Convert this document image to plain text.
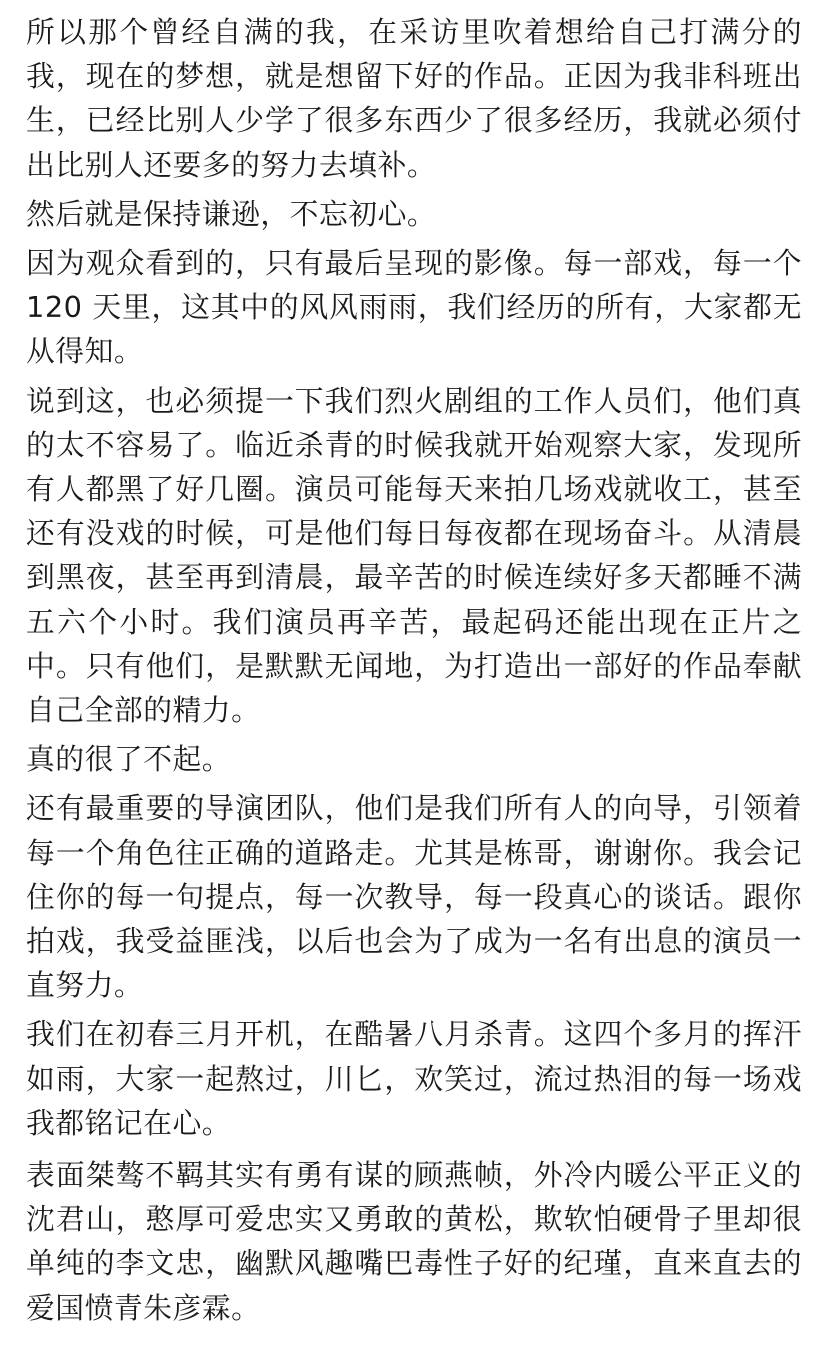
所以那个曾经自满的我，在采访里吹着想给自己打满分的我，现在的梦想，就是想留下好的作品。正因为我非科班出生，已经比别人少学了很多东西少了很多经历，我就必须付出比别人还要多的努力去填补。

然后就是保持谦逊，不忘初心。

因为观众看到的，只有最后呈现的影像。每一部戏，每一个 120 天里，这其中的风风雨雨，我们经历的所有，大家都无从得知。

说到这，也必须提一下我们烈火剧组的工作人员们，他们真的太不容易了。临近杀青的时候我就开始观察大家，发现所有人都黑了好几圈。演员可能每天来拍几场戏就收工，甚至还有没戏的时候，可是他们每日每夜都在现场奋斗。从清晨到黑夜，甚至再到清晨，最辛苦的时候连续好多天都睡不满五六个小时。我们演员再辛苦，最起码还能出现在正片之中。只有他们，是默默无闻地，为打造出一部好的作品奉献自己全部的精力。

真的很了不起。

还有最重要的导演团队，他们是我们所有人的向导，引领着每一个角色往正确的道路走。尤其是栋哥，谢谢你。我会记住你的每一句提点，每一次教导，每一段真心的谈话。跟你拍戏，我受益匪浅，以后也会为了成为一名有出息的演员一直努力。

我们在初春三月开机，在酷暑八月杀青。这四个多月的挥汗如雨，大家一起熬过，川匕，欢笑过，流过热泪的每一场戏我都铭记在心。

表面桀骜不羁其实有勇有谋的顾燕帧，外冷内暖公平正义的沈君山，憨厚可爱忠实又勇敢的黄松，欺软怕硬骨子里却很单纯的李文忠，幽默风趣嘴巴毒性子好的纪瑾，直来直去的爱国愤青朱彦霖。
